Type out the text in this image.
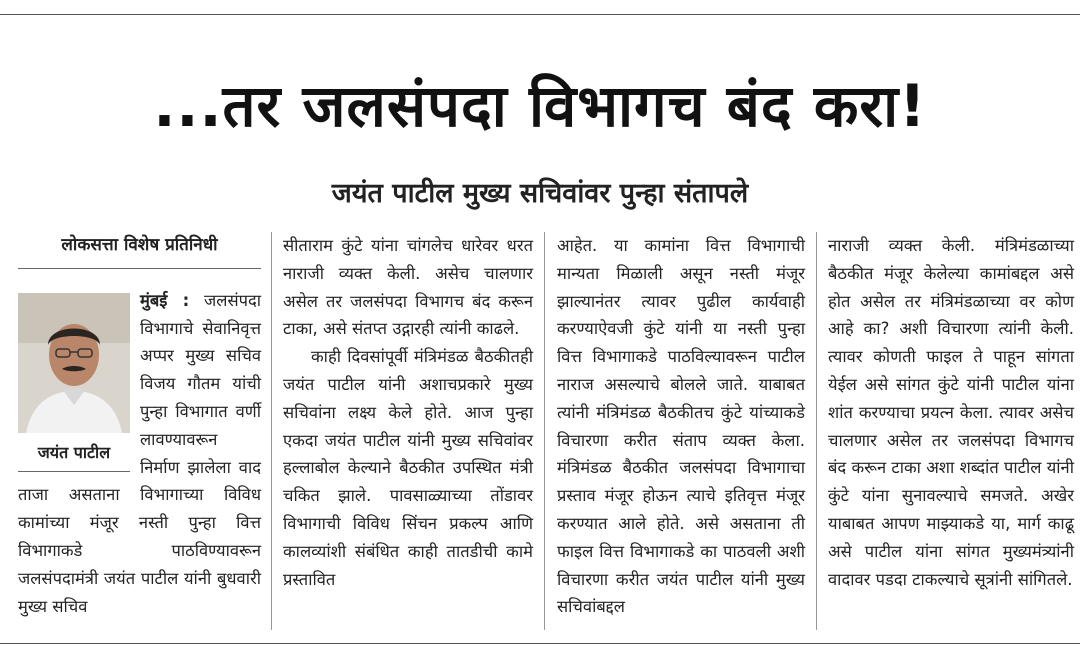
...तर जलसंपदा विभागच बंद करा!
जयंत पाटील मुख्य सचिवांवर पुन्हा संतापले
लोकसत्ता विशेष प्रतिनिधी
जयंत पाटील

मुंबई : जलसंपदा विभागाचे सेवानिवृत्त अप्पर मुख्य सचिव विजय गौतम यांची पुन्हा विभागात वर्णी लावण्यावरून निर्माण झालेला वाद ताजा असताना विभागाच्या विविध कामांच्या मंजूर नस्ती पुन्हा वित्त विभागाकडे पाठविण्यावरून जलसंपदामंत्री जयंत पाटील यांनी बुधवारी मुख्य सचिव

सीताराम कुंटे यांना चांगलेच धारेवर धरत नाराजी व्यक्त केली. असेच चालणार असेल तर जलसंपदा विभागच बंद करून टाका, असे संतप्त उद्गारही त्यांनी काढले.

काही दिवसांपूर्वी मंत्रिमंडळ बैठकीतही जयंत पाटील यांनी अशाचप्रकारे मुख्य सचिवांना लक्ष्य केले होते. आज पुन्हा एकदा जयंत पाटील यांनी मुख्य सचिवांवर हल्लाबोल केल्याने बैठकीत उपस्थित मंत्री चकित झाले. पावसाळ्याच्या तोंडावर विभागाची विविध सिंचन प्रकल्प आणि कालव्यांशी संबंधित काही तातडीची कामे प्रस्तावित

आहेत. या कामांना वित्त विभागाची मान्यता मिळाली असून नस्ती मंजूर झाल्यानंतर त्यावर पुढील कार्यवाही करण्याऐवजी कुंटे यांनी या नस्ती पुन्हा वित्त विभागाकडे पाठविल्यावरून पाटील नाराज असल्याचे बोलले जाते. याबाबत त्यांनी मंत्रिमंडळ बैठकीतच कुंटे यांच्याकडे विचारणा करीत संताप व्यक्त केला. मंत्रिमंडळ बैठकीत जलसंपदा विभागाचा प्रस्ताव मंजूर होऊन त्याचे इतिवृत्त मंजूर करण्यात आले होते. असे असताना ती फाइल वित्त विभागाकडे का पाठवली अशी विचारणा करीत जयंत पाटील यांनी मुख्य सचिवांबद्दल

नाराजी व्यक्त केली. मंत्रिमंडळाच्या बैठकीत मंजूर केलेल्या कामांबद्दल असे होत असेल तर मंत्रिमंडळाच्या वर कोण आहे का? अशी विचारणा त्यांनी केली. त्यावर कोणती फाइल ते पाहून सांगता येईल असे सांगत कुंटे यांनी पाटील यांना शांत करण्याचा प्रयत्न केला. त्यावर असेच चालणार असेल तर जलसंपदा विभागच बंद करून टाका अशा शब्दांत पाटील यांनी कुंटे यांना सुनावल्याचे समजते. अखेर याबाबत आपण माझ्याकडे या, मार्ग काढू असे पाटील यांना सांगत मुख्यमंत्र्यांनी वादावर पडदा टाकल्याचे सूत्रांनी सांगितले.
